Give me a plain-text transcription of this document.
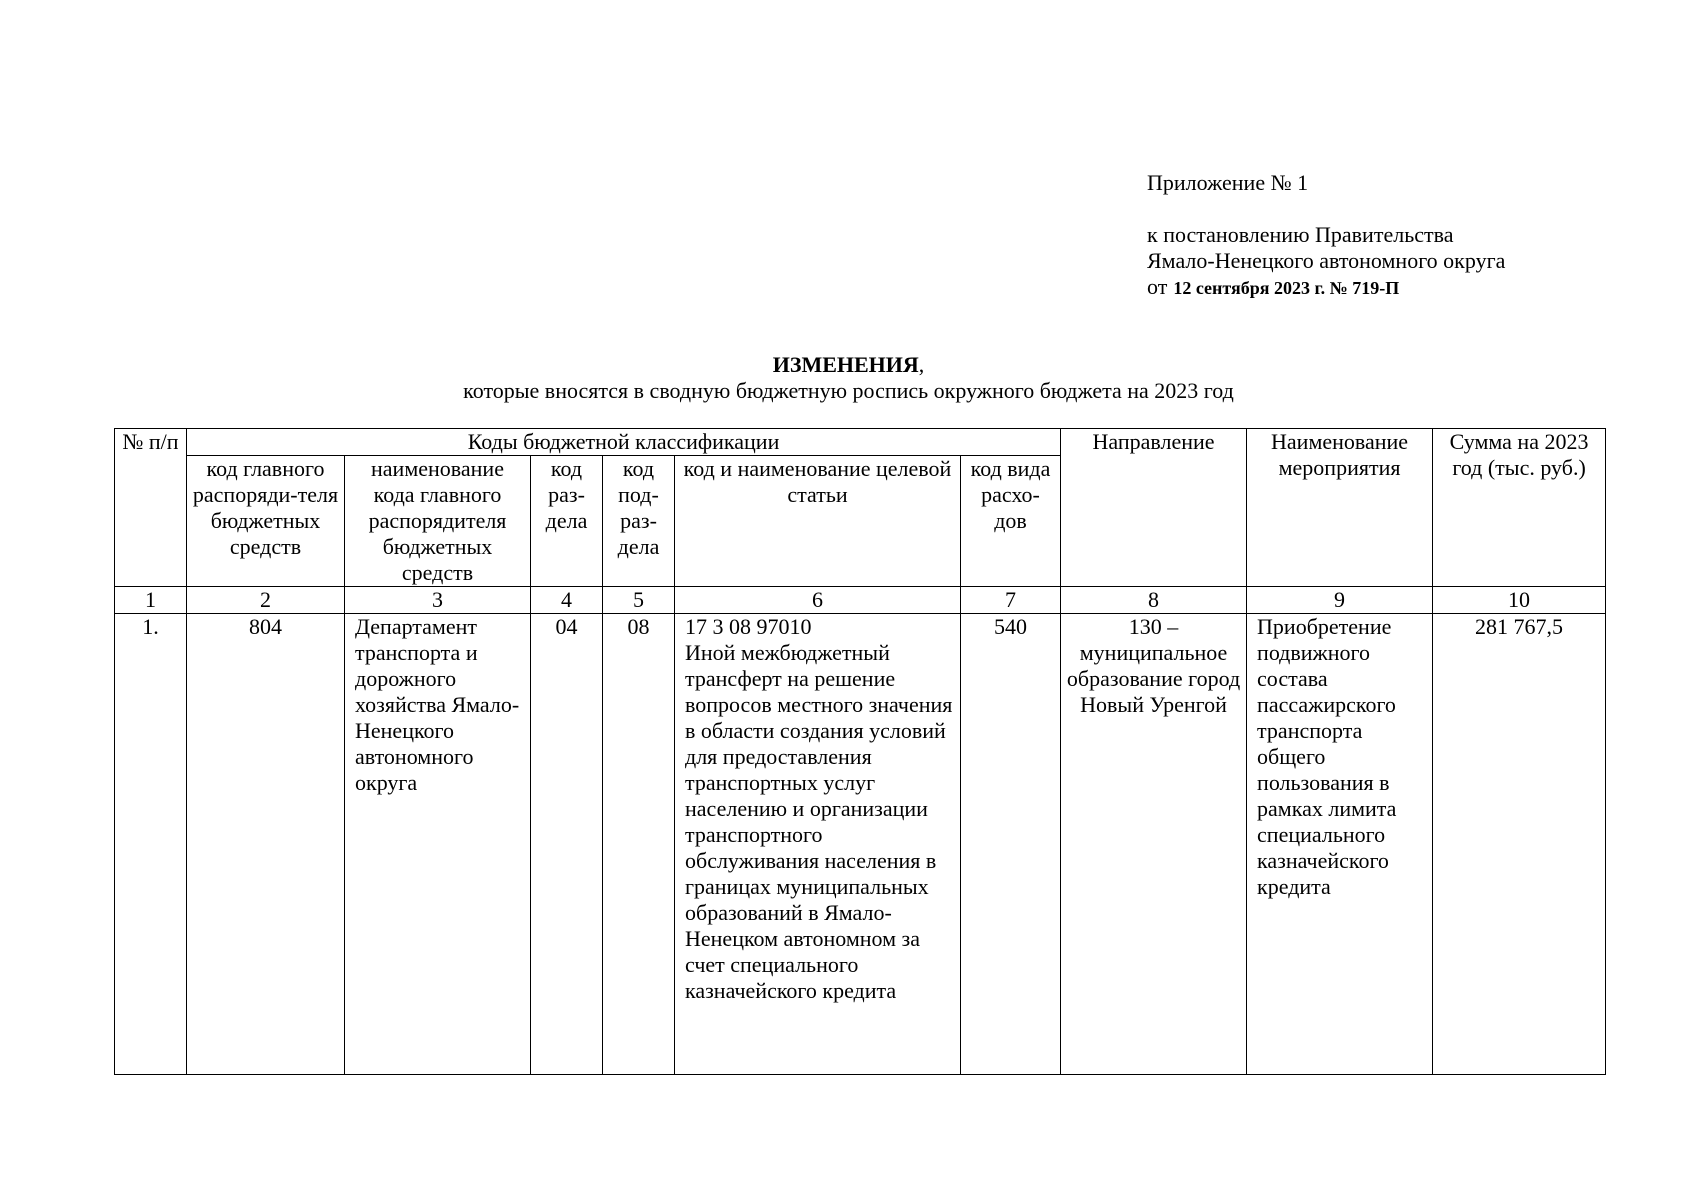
Приложение № 1
к постановлению Правительства
Ямало-Ненецкого автономного округа
от 12 сентября 2023 г. № 719-П
ИЗМЕНЕНИЯ,
которые вносятся в сводную бюджетную роспись окружного бюджета на 2023 год
№ п/п	Коды бюджетной классификации						Направление	Наименование мероприятия	Сумма на 2023 год (тыс. руб.)
	код главного распоряди-теля бюджетных средств	наименование кода главного распорядителя бюджетных средств	код раз-дела	код под-раз-дела	код и наименование целевой статьи	код вида расхо-дов			
1	2	3	4	5	6	7	8	9	10
1.	804	Департамент транспорта и дорожного хозяйства Ямало-Ненецкого автономного округа	04	08	17 3 08 97010
Иной межбюджетный трансферт на решение вопросов местного значения в области создания условий для предоставления транспортных услуг населению и организации транспортного обслуживания населения в границах муниципальных образований в Ямало-Ненецком автономном за счет специального казначейского кредита	540	130 – муниципальное образование город Новый Уренгой	Приобретение подвижного состава пассажирского транспорта общего пользования в рамках лимита специального казначейского кредита	281 767,5
